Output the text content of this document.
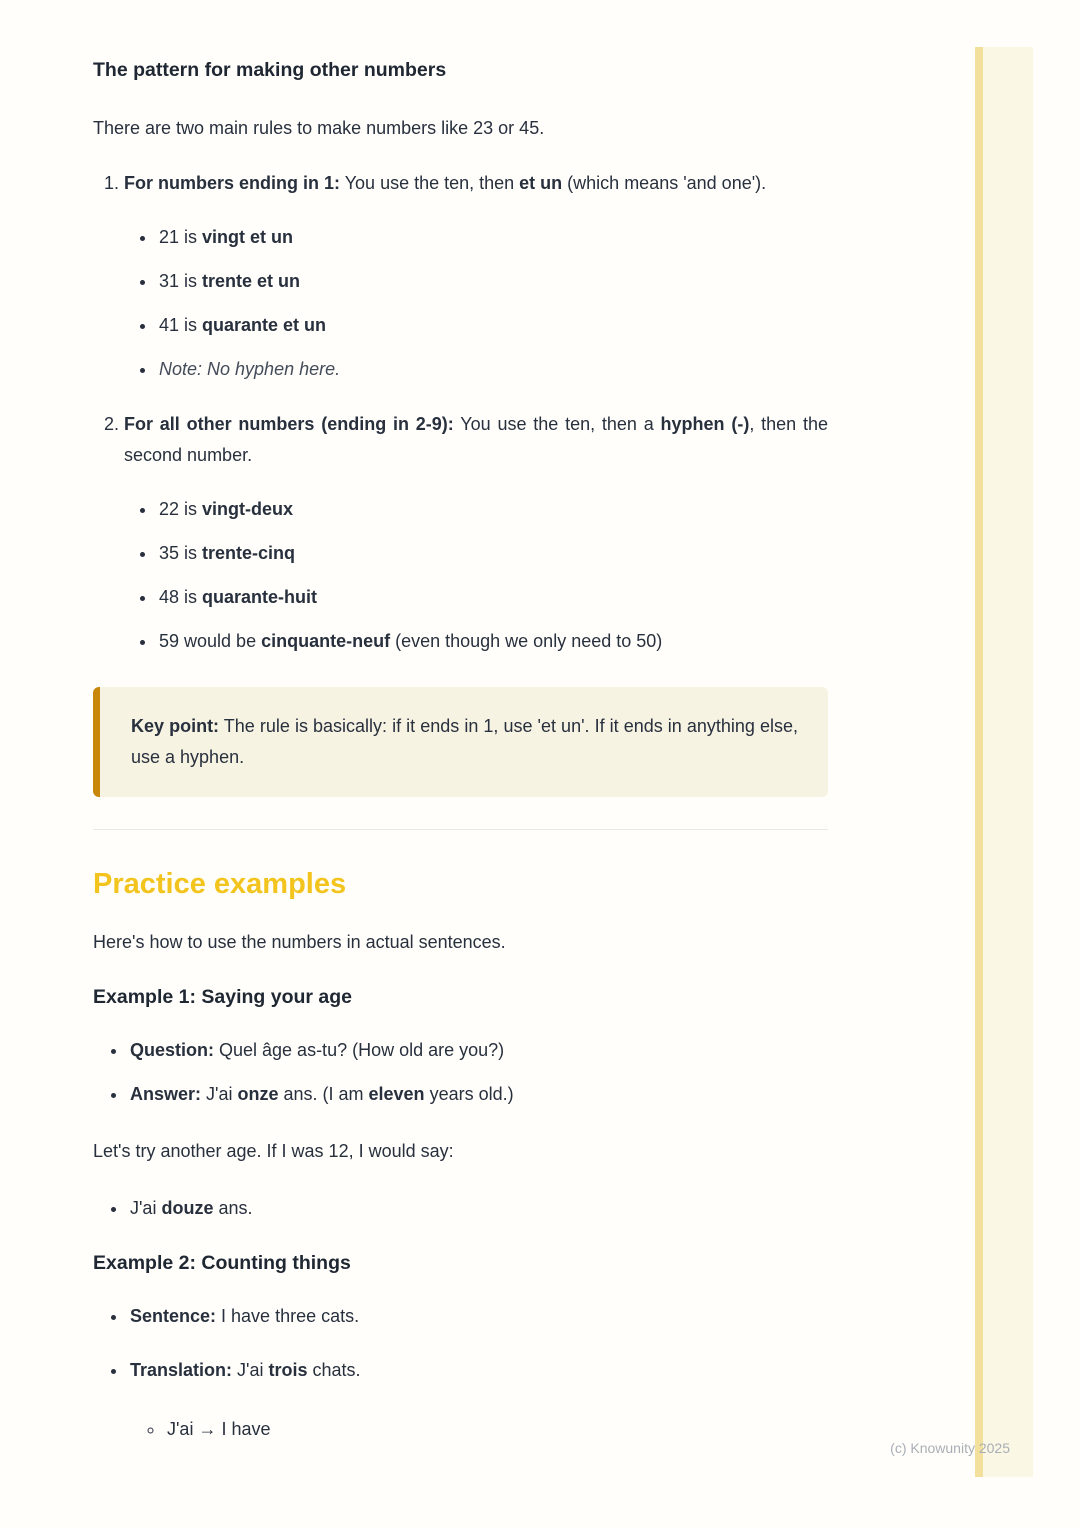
The pattern for making other numbers

There are two main rules to make numbers like 23 or 45.

1. For numbers ending in 1: You use the ten, then et un (which means 'and one').
• 21 is vingt et un
• 31 is trente et un
• 41 is quarante et un
• Note: No hyphen here.
2. For all other numbers (ending in 2-9): You use the ten, then a hyphen (-), then the second number.
• 22 is vingt-deux
• 35 is trente-cinq
• 48 is quarante-huit
• 59 would be cinquante-neuf (even though we only need to 50)
Key point: The rule is basically: if it ends in 1, use 'et un'. If it ends in anything else, use a hyphen.
Practice examples

Here's how to use the numbers in actual sentences.

Example 1: Saying your age
• Question: Quel âge as-tu? (How old are you?)
• Answer: J'ai onze ans. (I am eleven years old.)

Let's try another age. If I was 12, I would say:

• J'ai douze ans.
Example 2: Counting things
• Sentence: I have three cats.
• Translation: J'ai trois chats.
◦ J'ai → I have
(c) Knowunity 2025
